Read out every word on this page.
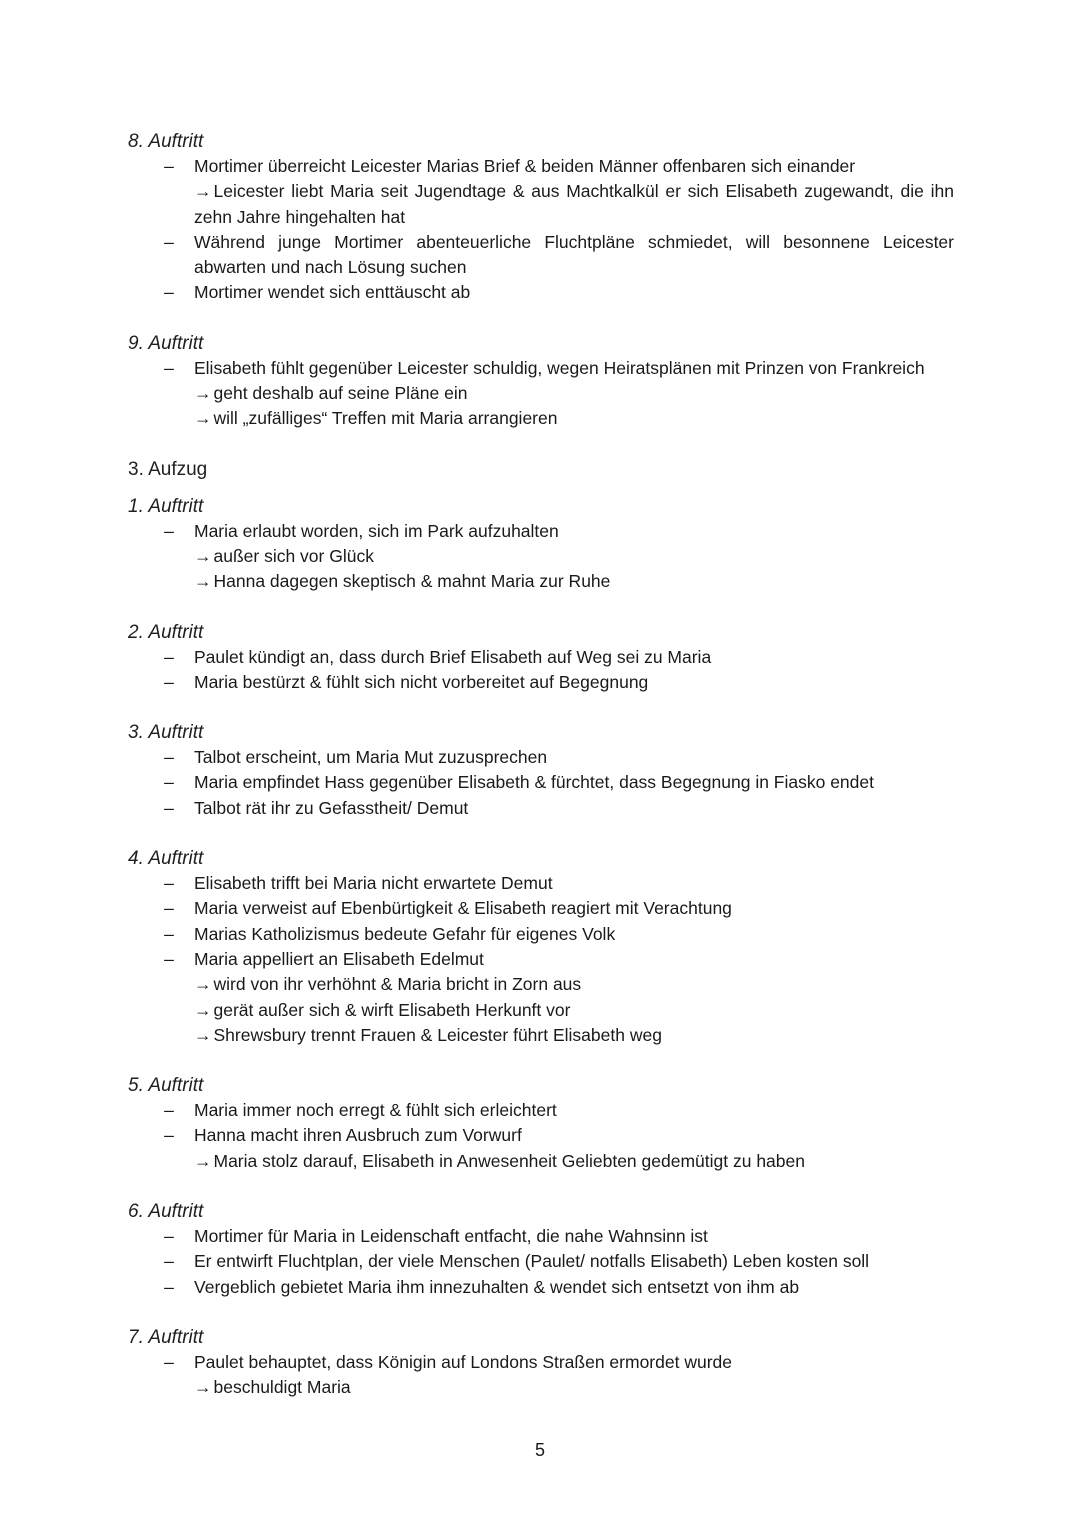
8. Auftritt

– Mortimer überreicht Leicester Marias Brief & beiden Männer offenbaren sich einander
→ Leicester liebt Maria seit Jugendtage & aus Machtkalkül er sich Elisabeth zugewandt, die ihn zehn Jahre hingehalten hat
– Während junge Mortimer abenteuerliche Fluchtpläne schmiedet, will besonnene Leicester abwarten und nach Lösung suchen
– Mortimer wendet sich enttäuscht ab

9. Auftritt

– Elisabeth fühlt gegenüber Leicester schuldig, wegen Heiratsplänen mit Prinzen von Frankreich
→ geht deshalb auf seine Pläne ein
→ will „zufälliges“ Treffen mit Maria arrangieren

3. Aufzug

1. Auftritt

– Maria erlaubt worden, sich im Park aufzuhalten
→ außer sich vor Glück
→ Hanna dagegen skeptisch & mahnt Maria zur Ruhe

2. Auftritt

– Paulet kündigt an, dass durch Brief Elisabeth auf Weg sei zu Maria
– Maria bestürzt & fühlt sich nicht vorbereitet auf Begegnung

3. Auftritt

– Talbot erscheint, um Maria Mut zuzusprechen
– Maria empfindet Hass gegenüber Elisabeth & fürchtet, dass Begegnung in Fiasko endet
– Talbot rät ihr zu Gefasstheit/ Demut

4. Auftritt

– Elisabeth trifft bei Maria nicht erwartete Demut
– Maria verweist auf Ebenbürtigkeit & Elisabeth reagiert mit Verachtung
– Marias Katholizismus bedeute Gefahr für eigenes Volk
– Maria appelliert an Elisabeth Edelmut
→ wird von ihr verhöhnt & Maria bricht in Zorn aus
→ gerät außer sich & wirft Elisabeth Herkunft vor
→ Shrewsbury trennt Frauen & Leicester führt Elisabeth weg

5. Auftritt

– Maria immer noch erregt & fühlt sich erleichtert
– Hanna macht ihren Ausbruch zum Vorwurf
→ Maria stolz darauf, Elisabeth in Anwesenheit Geliebten gedemütigt zu haben

6. Auftritt

– Mortimer für Maria in Leidenschaft entfacht, die nahe Wahnsinn ist
– Er entwirft Fluchtplan, der viele Menschen (Paulet/ notfalls Elisabeth) Leben kosten soll
– Vergeblich gebietet Maria ihm innezuhalten & wendet sich entsetzt von ihm ab

7. Auftritt

– Paulet behauptet, dass Königin auf Londons Straßen ermordet wurde
→ beschuldigt Maria
5
